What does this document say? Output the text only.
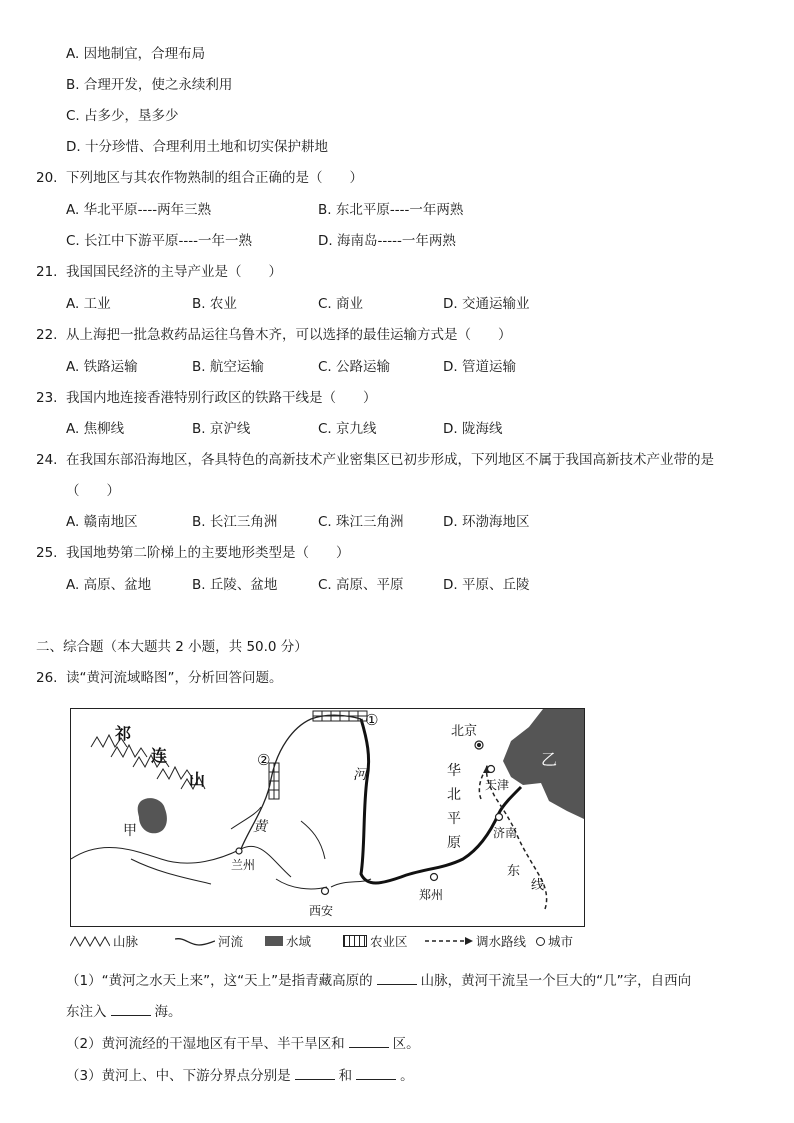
A. 因地制宜，合理布局
B. 合理开发，使之永续利用
C. 占多少，垦多少
D. 十分珍惜、合理利用土地和切实保护耕地
20. 下列地区与其农作物熟制的组合正确的是（　　）
A. 华北平原----两年三熟	B. 东北平原----一年两熟
C. 长江中下游平原----一年一熟	D. 海南岛-----一年两熟
21. 我国国民经济的主导产业是（　　）
A. 工业	B. 农业	C. 商业	D. 交通运输业
22. 从上海把一批急救药品运往乌鲁木齐，可以选择的最佳运输方式是（　　）
A. 铁路运输	B. 航空运输	C. 公路运输	D. 管道运输
23. 我国内地连接香港特别行政区的铁路干线是（　　）
A. 焦柳线	B. 京沪线	C. 京九线	D. 陇海线
24. 在我国东部沿海地区，各具特色的高新技术产业密集区已初步形成，下列地区不属于我国高新技术产业带的是
（　　）
A. 赣南地区	B. 长江三角洲	C. 珠江三角洲	D. 环渤海地区
25. 我国地势第二阶梯上的主要地形类型是（　　）
A. 高原、盆地	B. 丘陵、盆地	C. 高原、平原	D. 平原、丘陵
二、综合题（本大题共 2 小题，共 50.0 分）
26. 读“黄河流域略图”，分析回答问题。
祁
连
山
甲	黄
河
兰州
西安
郑州
济南
天津
北京
华
北
平
原
乙
东
线
①
②
山脉	河流	水域	农业区	调水路线 城市
（1）“黄河之水天上来”，这“天上”是指青藏高原的	山脉，黄河干流呈一个巨大的“几”字，自西向
东注入	海。
（2）黄河流经的干湿地区有干旱、半干旱区和	区。
（3）黄河上、中、下游分界点分别是	和	。
